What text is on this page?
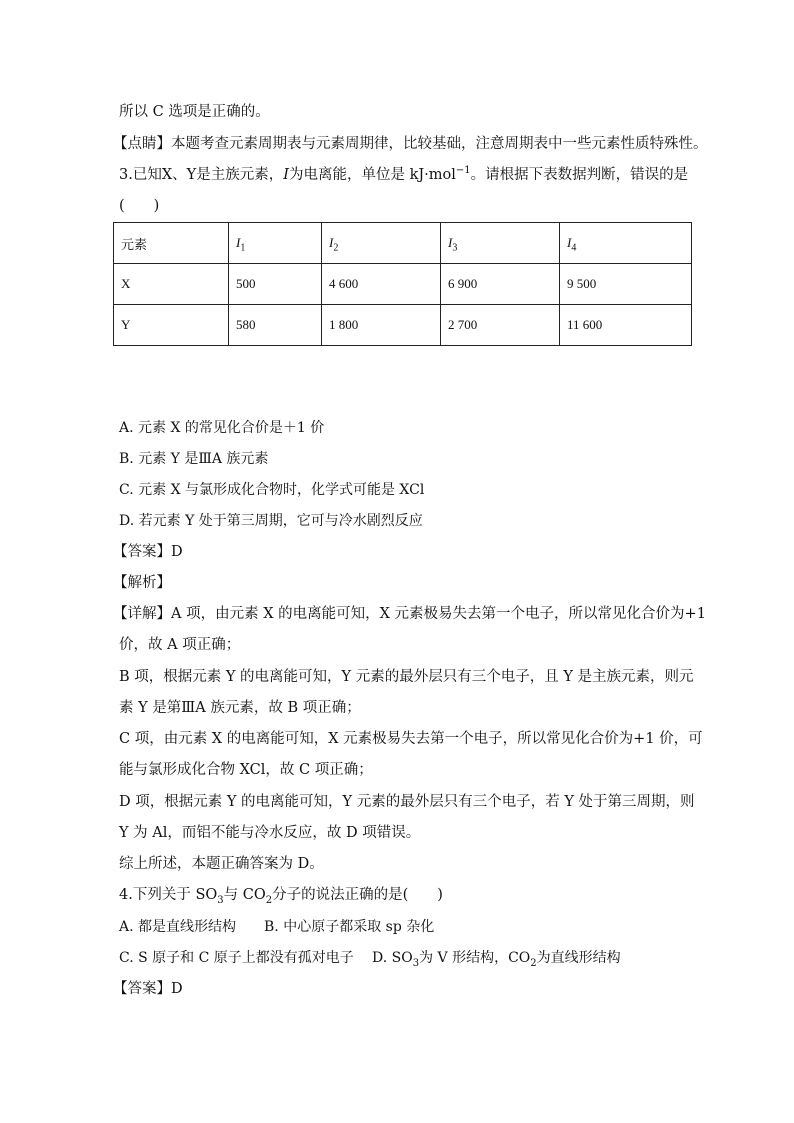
所以 C 选项是正确的。
【点睛】本题考查元素周期表与元素周期律，比较基础，注意周期表中一些元素性质特殊性。
3.已知X、Y是主族元素，I为电离能，单位是 kJ·mol$^{-1}$。请根据下表数据判断，错误的是
(　　)
元素	$I_1$	$I_2$	$I_3$	$I_4$
X	500	4 600	6 900	9 500
Y	580	1 800	2 700	11 600
A. 元素 X 的常见化合价是＋1 价
B. 元素 Y 是ⅢA 族元素
C. 元素 X 与氯形成化合物时，化学式可能是 XCl
D. 若元素 Y 处于第三周期，它可与冷水剧烈反应
【答案】D
【解析】
【详解】A 项，由元素 X 的电离能可知，X 元素极易失去第一个电子，所以常见化合价为+1
价，故 A 项正确；
B 项，根据元素 Y 的电离能可知，Y 元素的最外层只有三个电子，且 Y 是主族元素，则元
素 Y 是第ⅢA 族元素，故 B 项正确；
C 项，由元素 X 的电离能可知，X 元素极易失去第一个电子，所以常见化合价为+1 价，可
能与氯形成化合物 XCl，故 C 项正确；
D 项，根据元素 Y 的电离能可知，Y 元素的最外层只有三个电子，若 Y 处于第三周期，则
Y 为 Al，而铝不能与冷水反应，故 D 项错误。
综上所述，本题正确答案为 D。
4.下列关于 $SO_3$与 $CO_2$分子的说法正确的是(　　)
A. 都是直线形结构　　B. 中心原子都采取 sp 杂化
C. S 原子和 C 原子上都没有孤对电子 D. $SO_3$为 V 形结构，$CO_2$为直线形结构
【答案】D
